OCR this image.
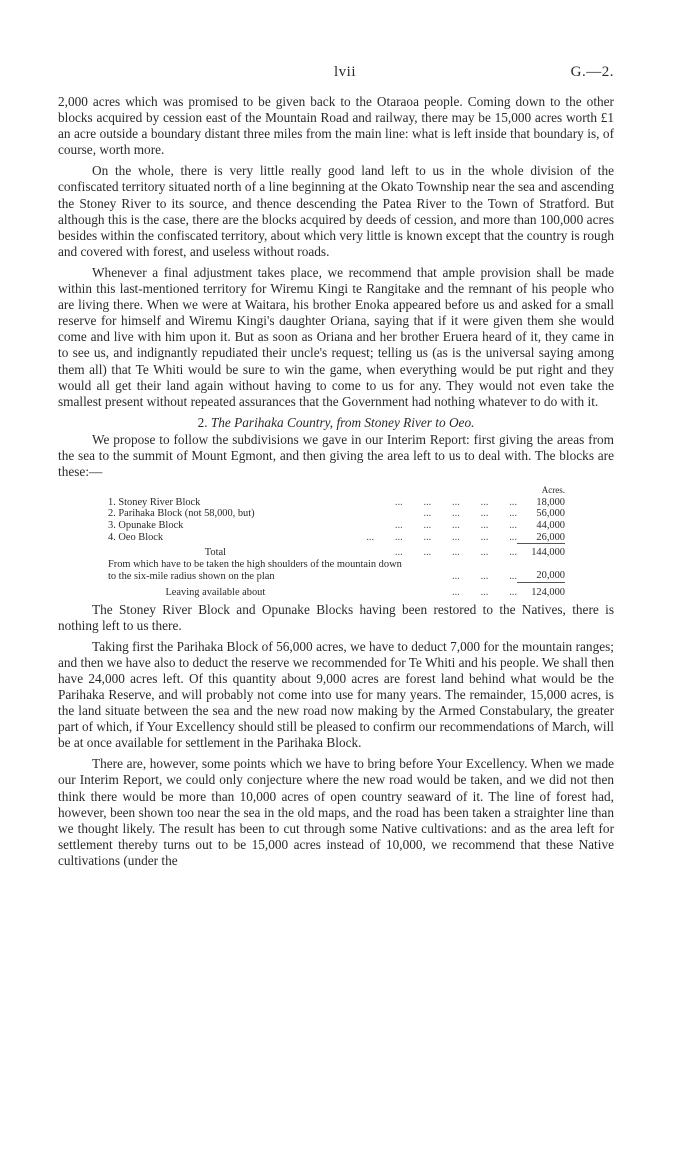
lvii	G.—2.

2,000 acres which was promised to be given back to the Otaraoa people. Coming down to the other blocks acquired by cession east of the Mountain Road and railway, there may be 15,000 acres worth £1 an acre outside a boundary distant three miles from the main line: what is left inside that boundary is, of course, worth more.

On the whole, there is very little really good land left to us in the whole division of the confiscated territory situated north of a line beginning at the Okato Township near the sea and ascending the Stoney River to its source, and thence descending the Patea River to the Town of Stratford. But although this is the case, there are the blocks acquired by deeds of cession, and more than 100,000 acres besides within the confiscated territory, about which very little is known except that the country is rough and covered with forest, and useless without roads.

Whenever a final adjustment takes place, we recommend that ample provision shall be made within this last-mentioned territory for Wiremu Kingi te Rangitake and the remnant of his people who are living there. When we were at Waitara, his brother Enoka appeared before us and asked for a small reserve for himself and Wiremu Kingi's daughter Oriana, saying that if it were given them she would come and live with him upon it. But as soon as Oriana and her brother Eruera heard of it, they came in to see us, and indignantly repudiated their uncle's request; telling us (as is the universal saying among them all) that Te Whiti would be sure to win the game, when everything would be put right and they would all get their land again without having to come to us for any. They would not even take the smallest present without repeated assurances that the Government had nothing whatever to do with it.

2. The Parihaka Country, from Stoney River to Oeo.

We propose to follow the subdivisions we gave in our Interim Report: first giving the areas from the sea to the summit of Mount Egmont, and then giving the area left to us to deal with. The blocks are these:—

		Acres.
1. Stoney River Block	...        ...        ...        ...        ...	18,000
2. Parihaka Block (not 58,000, but)	...        ...        ...        ...	56,000
3. Opunake Block	...        ...        ...        ...        ...	44,000
4. Oeo Block	...        ...        ...        ...        ...        ...	26,000
Total	...        ...        ...        ...        ...	144,000
From which have to be taken the high shoulders of the mountain down		
to the six-mile radius shown on the plan	...        ...        ...	20,000
Leaving available about	...        ...        ...	124,000

The Stoney River Block and Opunake Blocks having been restored to the Natives, there is nothing left to us there.

Taking first the Parihaka Block of 56,000 acres, we have to deduct 7,000 for the mountain ranges; and then we have also to deduct the reserve we recommended for Te Whiti and his people. We shall then have 24,000 acres left. Of this quantity about 9,000 acres are forest land behind what would be the Parihaka Reserve, and will probably not come into use for many years. The remainder, 15,000 acres, is the land situate between the sea and the new road now making by the Armed Constabulary, the greater part of which, if Your Excellency should still be pleased to confirm our recommendations of March, will be at once available for settlement in the Parihaka Block.

There are, however, some points which we have to bring before Your Excellency. When we made our Interim Report, we could only conjecture where the new road would be taken, and we did not then think there would be more than 10,000 acres of open country seaward of it. The line of forest had, however, been shown too near the sea in the old maps, and the road has been taken a straighter line than we thought likely. The result has been to cut through some Native cultivations: and as the area left for settlement thereby turns out to be 15,000 acres instead of 10,000, we recommend that these Native cultivations (under the
